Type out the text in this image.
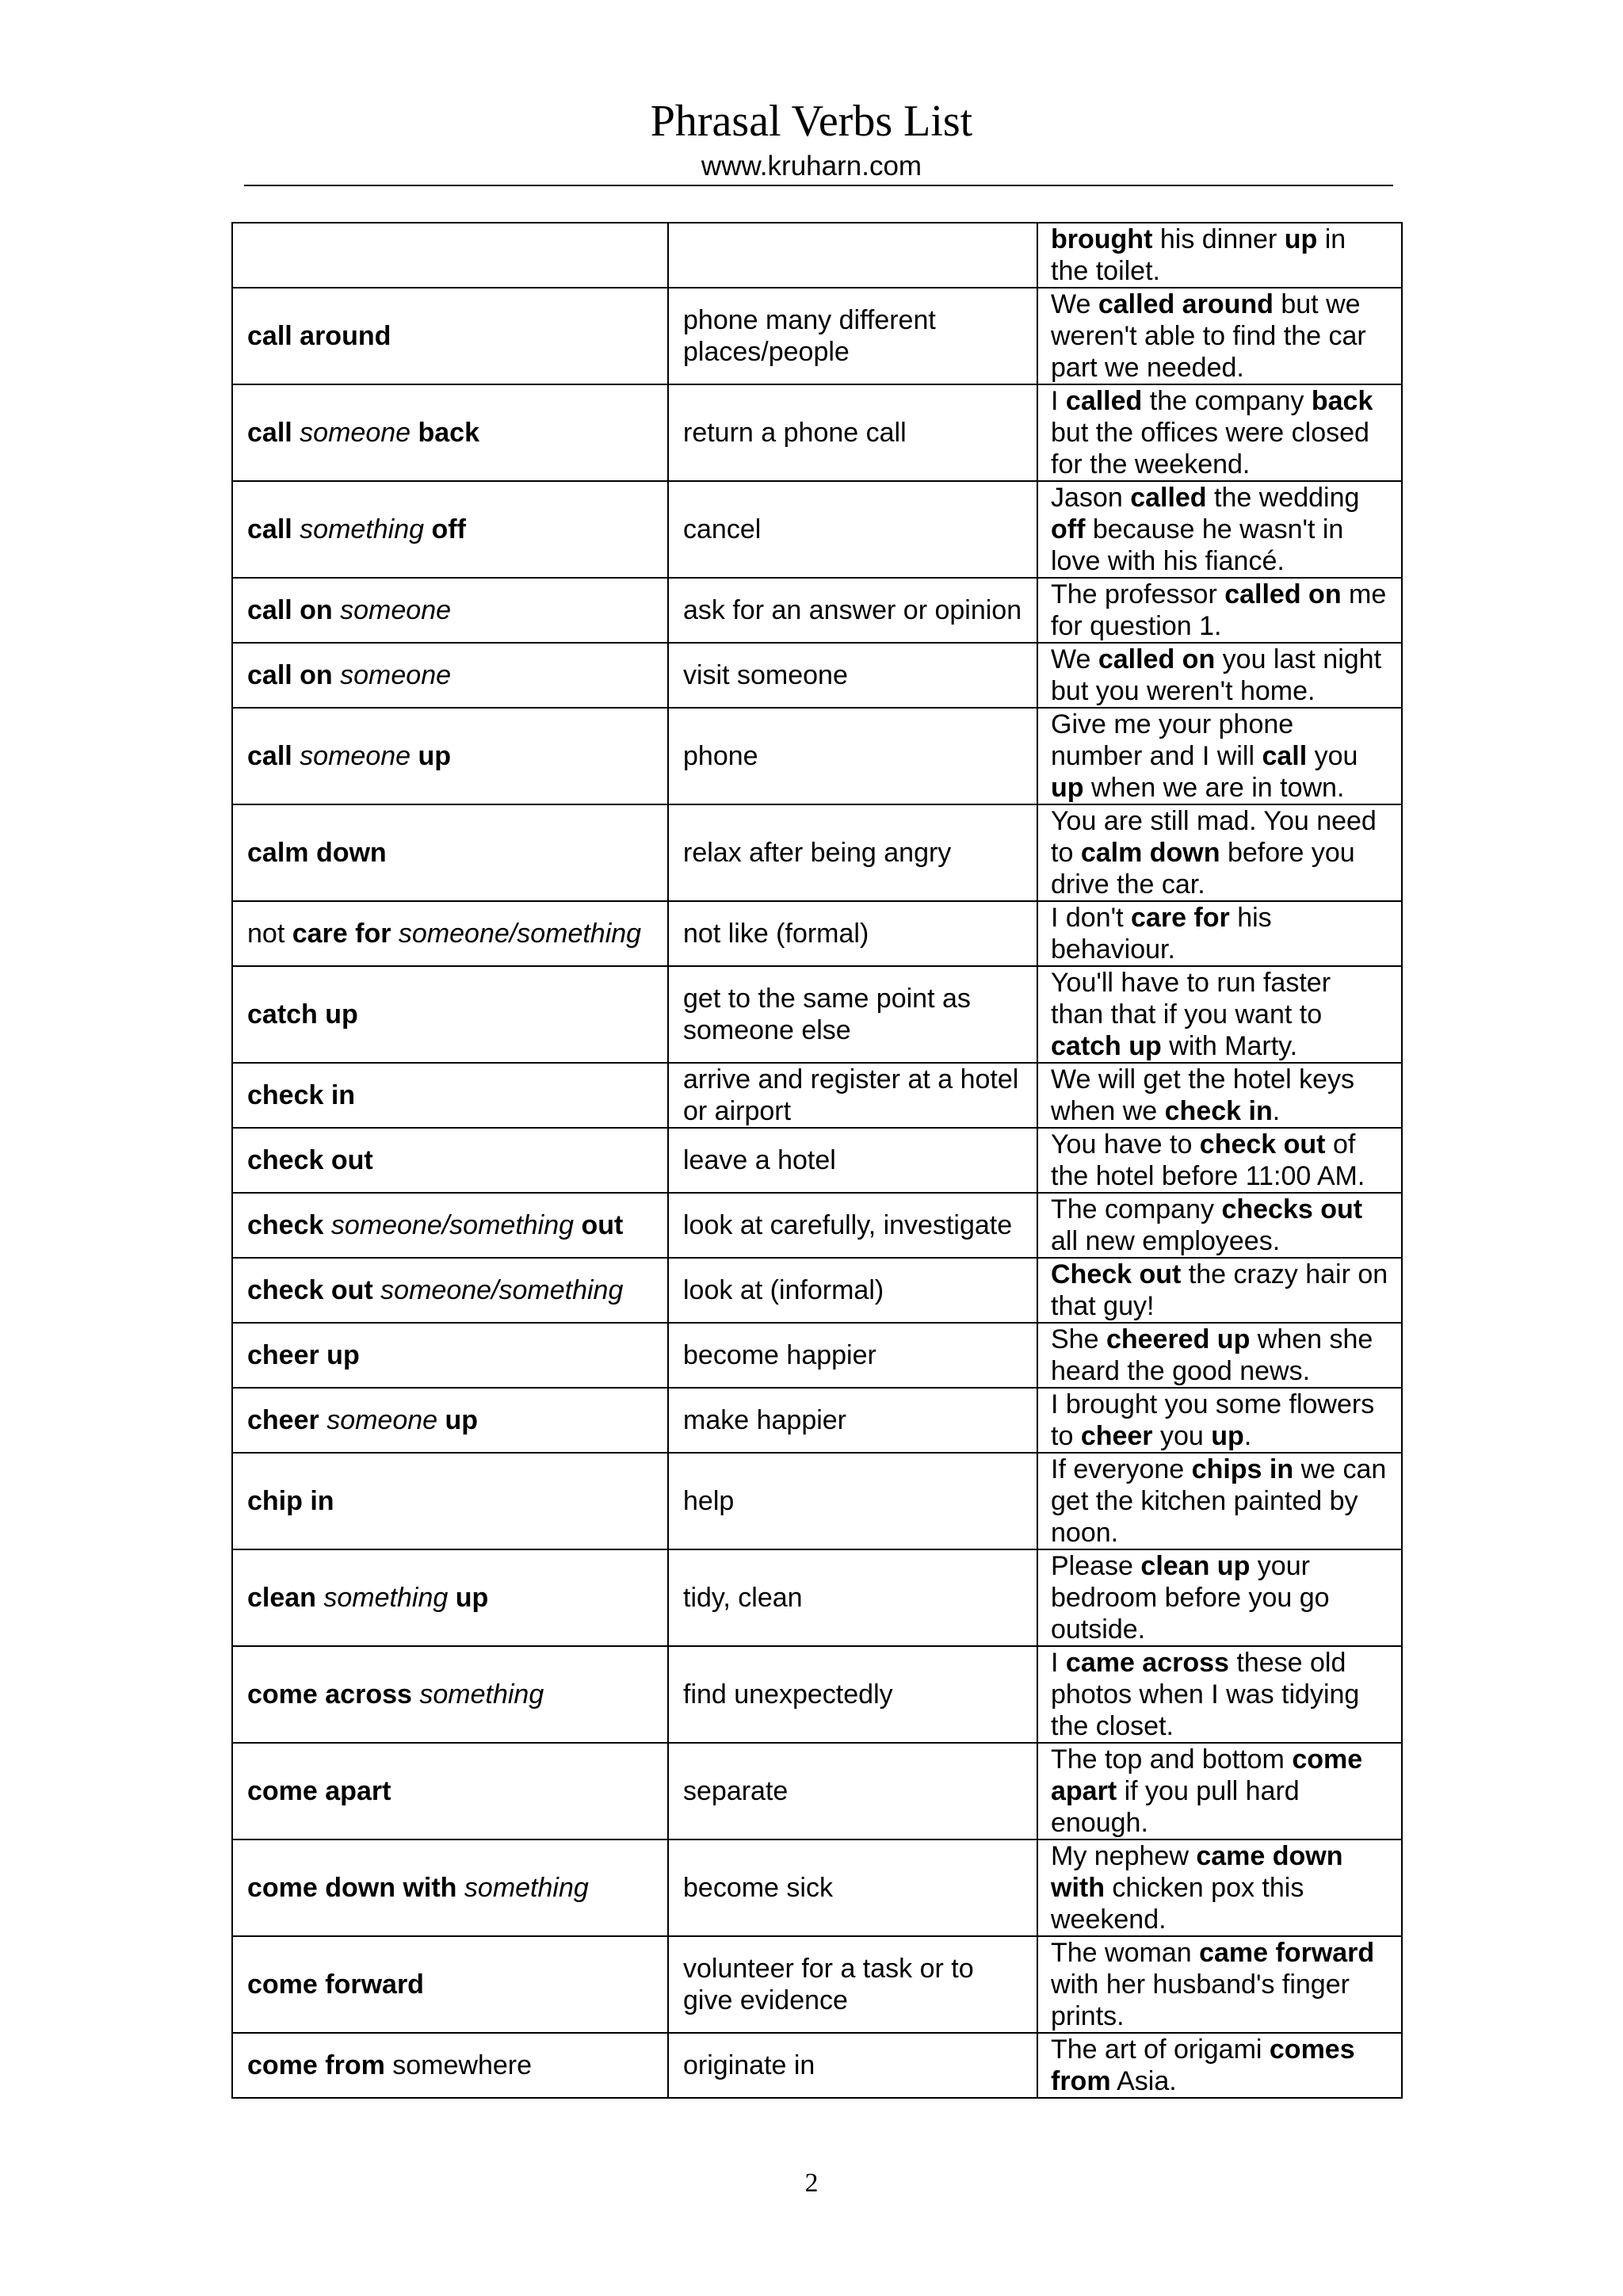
Phrasal Verbs List
www.kruharn.com
		brought his dinner up in the toilet.
call around	phone many different places/people	We called around but we weren't able to find the car part we needed.
call someone back	return a phone call	I called the company back but the offices were closed for the weekend.
call something off	cancel	Jason called the wedding off because he wasn't in love with his fiancé.
call on someone	ask for an answer or opinion	The professor called on me for question 1.
call on someone	visit someone	We called on you last night but you weren't home.
call someone up	phone	Give me your phone number and I will call you up when we are in town.
calm down	relax after being angry	You are still mad. You need to calm down before you drive the car.
not care for someone/something	not like (formal)	I don't care for his behaviour.
catch up	get to the same point as someone else	You'll have to run faster than that if you want to catch up with Marty.
check in	arrive and register at a hotel or airport	We will get the hotel keys when we check in.
check out	leave a hotel	You have to check out of the hotel before 11:00 AM.
check someone/something out	look at carefully, investigate	The company checks out all new employees.
check out someone/something	look at (informal)	Check out the crazy hair on that guy!
cheer up	become happier	She cheered up when she heard the good news.
cheer someone up	make happier	I brought you some flowers to cheer you up.
chip in	help	If everyone chips in we can get the kitchen painted by noon.
clean something up	tidy, clean	Please clean up your bedroom before you go outside.
come across something	find unexpectedly	I came across these old photos when I was tidying the closet.
come apart	separate	The top and bottom come apart if you pull hard enough.
come down with something	become sick	My nephew came down with chicken pox this weekend.
come forward	volunteer for a task or to give evidence	The woman came forward with her husband's finger prints.
come from somewhere	originate in	The art of origami comes from Asia.
2
